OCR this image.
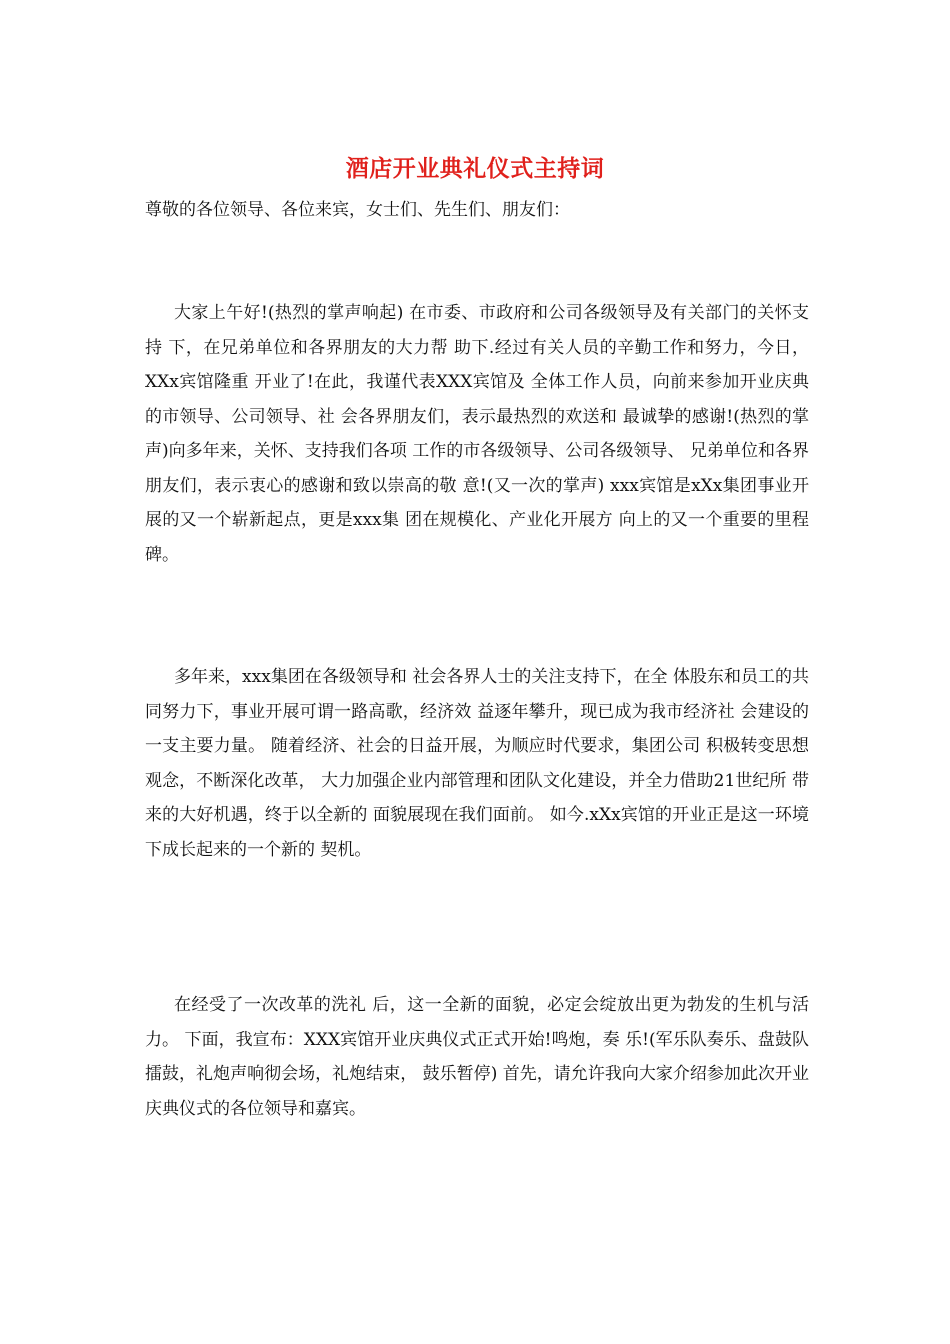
酒店开业典礼仪式主持词
尊敬的各位领导、各位来宾，女士们、先生们、朋友们：
大家上午好!(热烈的掌声响起) 在市委、市政府和公司各级领导及有关部门的关怀支持 下，在兄弟单位和各界朋友的大力帮 助下.经过有关人员的辛勤工作和努力，今日，XXx宾馆隆重 开业了!在此，我谨代表XXX宾馆及 全体工作人员，向前来参加开业庆典的市领导、公司领导、社 会各界朋友们，表示最热烈的欢送和 最诚挚的感谢!(热烈的掌声)向多年来，关怀、支持我们各项 工作的市各级领导、公司各级领导、 兄弟单位和各界朋友们，表示衷心的感谢和致以崇高的敬 意!(又一次的掌声) xxx宾馆是xXx集团事业开展的又一个崭新起点，更是xxx集 团在规模化、产业化开展方 向上的又一个重要的里程碑。
多年来，xxx集团在各级领导和 社会各界人士的关注支持下，在全 体股东和员工的共同努力下，事业开展可谓一路高歌，经济效 益逐年攀升，现已成为我市经济社 会建设的一支主要力量。 随着经济、社会的日益开展，为顺应时代要求，集团公司 积极转变思想观念，不断深化改革， 大力加强企业内部管理和团队文化建设，并全力借助21世纪所 带来的大好机遇，终于以全新的 面貌展现在我们面前。 如今.xXx宾馆的开业正是这一环境下成长起来的一个新的 契机。
在经受了一次改革的洗礼 后，这一全新的面貌，必定会绽放出更为勃发的生机与活力。 下面，我宣布：XXX宾馆开业庆典仪式正式开始!鸣炮，奏 乐!(军乐队奏乐、盘鼓队擂鼓，礼炮声响彻会场，礼炮结束， 鼓乐暂停) 首先，请允许我向大家介绍参加此次开业庆典仪式的各位领导和嘉宾。
